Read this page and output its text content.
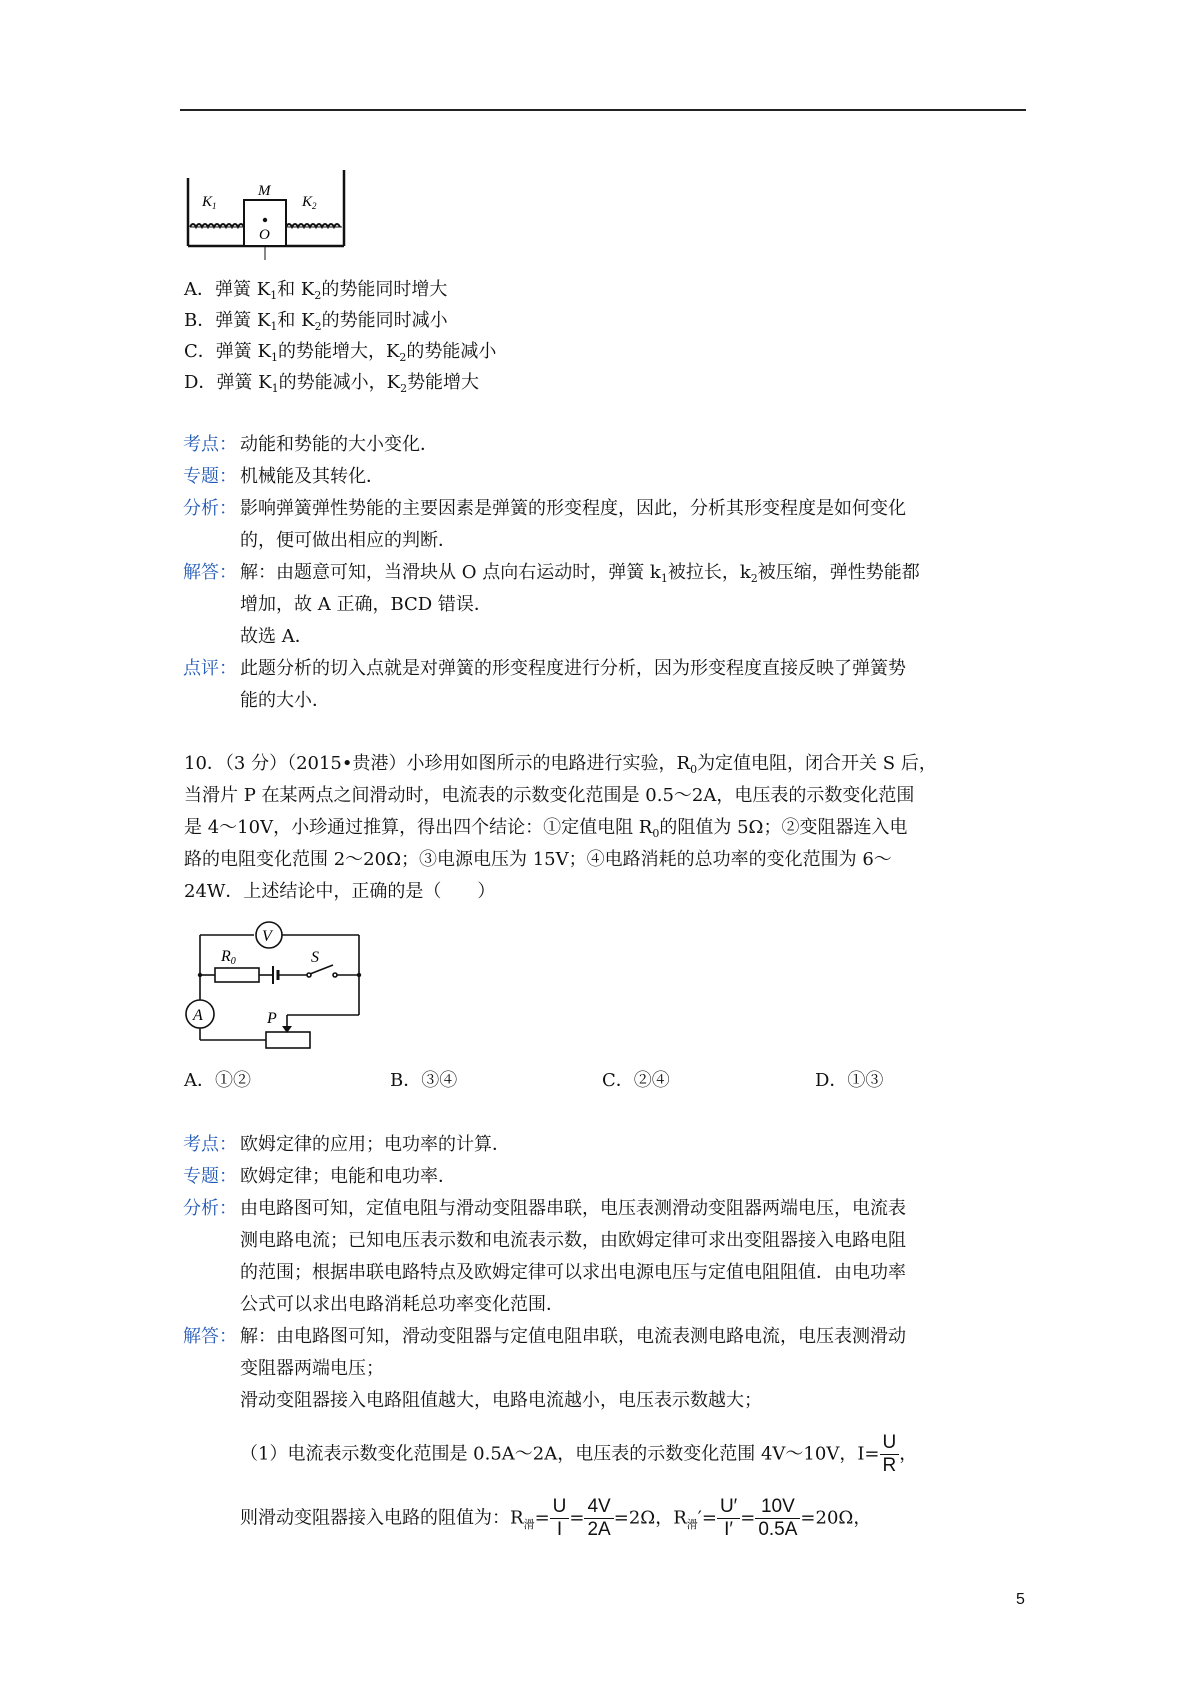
$K_1$
M
O
$K_2$
A．弹簧 $K_1$和 $K_2$的势能同时增大
B．弹簧 $K_1$和 $K_2$的势能同时减小
C．弹簧 $K_1$的势能增大，$K_2$的势能减小
D．弹簧 $K_1$的势能减小，$K_2$势能增大
考点： 动能和势能的大小变化．
专题： 机械能及其转化．
分析： 影响弹簧弹性势能的主要因素是弹簧的形变程度，因此，分析其形变程度是如何变化
的，便可做出相应的判断．
解答： 解：由题意可知，当滑块从 O 点向右运动时，弹簧 $k_1$被拉长，$k_2$被压缩，弹性势能都
增加，故 A 正确，BCD 错误．
故选 A．
点评： 此题分析的切入点就是对弹簧的形变程度进行分析，因为形变程度直接反映了弹簧势
能的大小．
10．（3 分）（2015•贵港）小珍用如图所示的电路进行实验，$R_0$为定值电阻，闭合开关 S 后，
当滑片 P 在某两点之间滑动时，电流表的示数变化范围是 0.5～2A，电压表的示数变化范围
是 4～10V，小珍通过推算，得出四个结论：①定值电阻 $R_0$的阻值为 5Ω；②变阻器连入电
路的电阻变化范围 2～20Ω；③电源电压为 15V；④电路消耗的总功率的变化范围为 6～
24W．上述结论中，正确的是（　　）
V
A
R0	S
P
A．①②	B．③④	C．②④	D．①③
考点： 欧姆定律的应用；电功率的计算．
专题： 欧姆定律；电能和电功率．
分析： 由电路图可知，定值电阻与滑动变阻器串联，电压表测滑动变阻器两端电压，电流表
测电路电流；已知电压表示数和电流表示数，由欧姆定律可求出变阻器接入电路电阻
的范围；根据串联电路特点及欧姆定律可以求出电源电压与定值电阻阻值．由电功率
公式可以求出电路消耗总功率变化范围．
解答： 解：由电路图可知，滑动变阻器与定值电阻串联，电流表测电路电流，电压表测滑动
变阻器两端电压；
滑动变阻器接入电路阻值越大，电路电流越小，电压表示数越大；
（1）电流表示数变化范围是 0.5A～2A，电压表的示数变化范围 4V～10V，$I= \frac{U}{R}$ ，
则滑动变阻器接入电路的阻值为：$R_滑= \frac{U}{I} = \frac{4V}{2A} =2\Omega$，$R_滑'= \frac{U'}{I'} = \frac{10V}{0.5A} =20\Omega$，
5
